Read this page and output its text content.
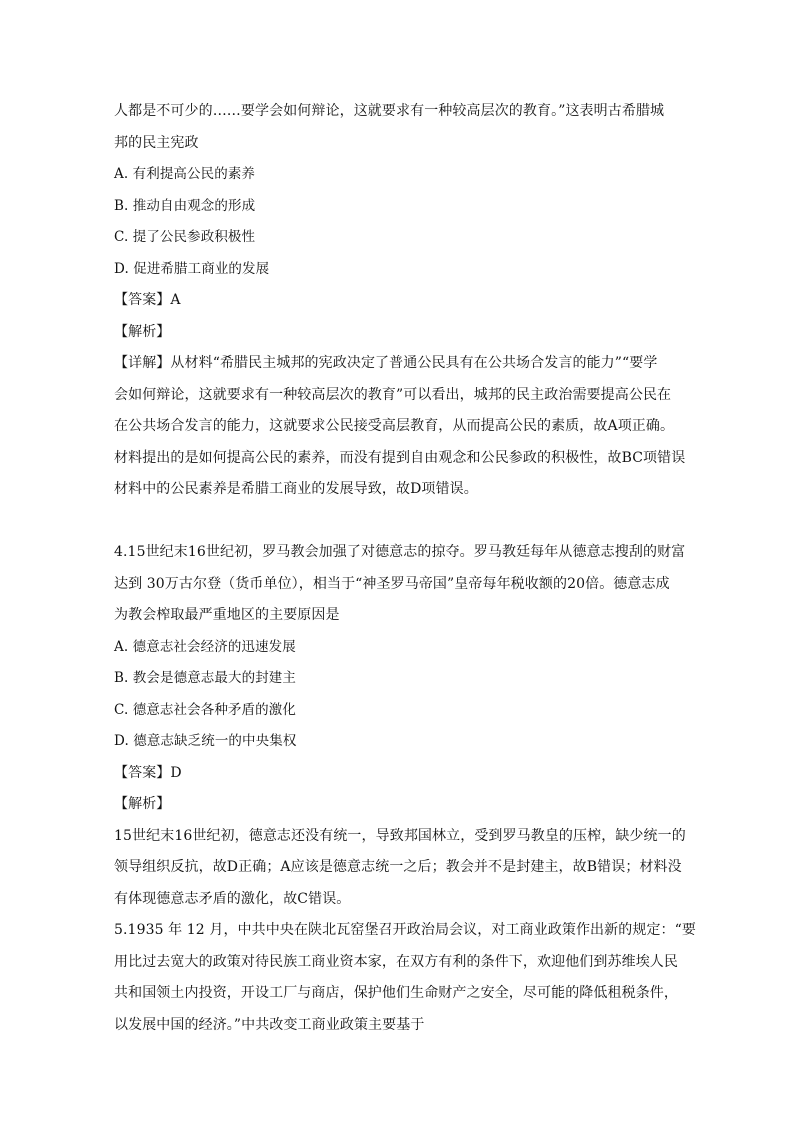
人都是不可少的……要学会如何辩论，这就要求有一种较高层次的教育。”这表明古希腊城
邦的民主宪政
A. 有利提高公民的素养
B. 推动自由观念的形成
C. 提了公民参政积极性
D. 促进希腊工商业的发展
【答案】A
【解析】
【详解】从材料“希腊民主城邦的宪政决定了普通公民具有在公共场合发言的能力”“要学
会如何辩论，这就要求有一种较高层次的教育”可以看出，城邦的民主政治需要提高公民在
在公共场合发言的能力，这就要求公民接受高层教育，从而提高公民的素质，故A项正确。
材料提出的是如何提高公民的素养，而没有提到自由观念和公民参政的积极性，故BC项错误
材料中的公民素养是希腊工商业的发展导致，故D项错误。
4.15世纪末16世纪初，罗马教会加强了对德意志的掠夺。罗马教廷每年从德意志搜刮的财富
达到 30万古尔登（货币单位），相当于“神圣罗马帝国”皇帝每年税收额的20倍。德意志成
为教会榨取最严重地区的主要原因是
A. 德意志社会经济的迅速发展
B. 教会是德意志最大的封建主
C. 德意志社会各种矛盾的激化
D. 德意志缺乏统一的中央集权
【答案】D
【解析】
15世纪末16世纪初，德意志还没有统一，导致邦国林立，受到罗马教皇的压榨，缺少统一的
领导组织反抗，故D正确；A应该是德意志统一之后；教会并不是封建主，故B错误；材料没
有体现德意志矛盾的激化，故C错误。
5.1935 年 12 月，中共中央在陕北瓦窑堡召开政治局会议，对工商业政策作出新的规定：“要
用比过去宽大的政策对待民族工商业资本家，在双方有利的条件下，欢迎他们到苏维埃人民
共和国领土内投资，开设工厂与商店，保护他们生命财产之安全，尽可能的降低租税条件，
以发展中国的经济。”中共改变工商业政策主要基于
